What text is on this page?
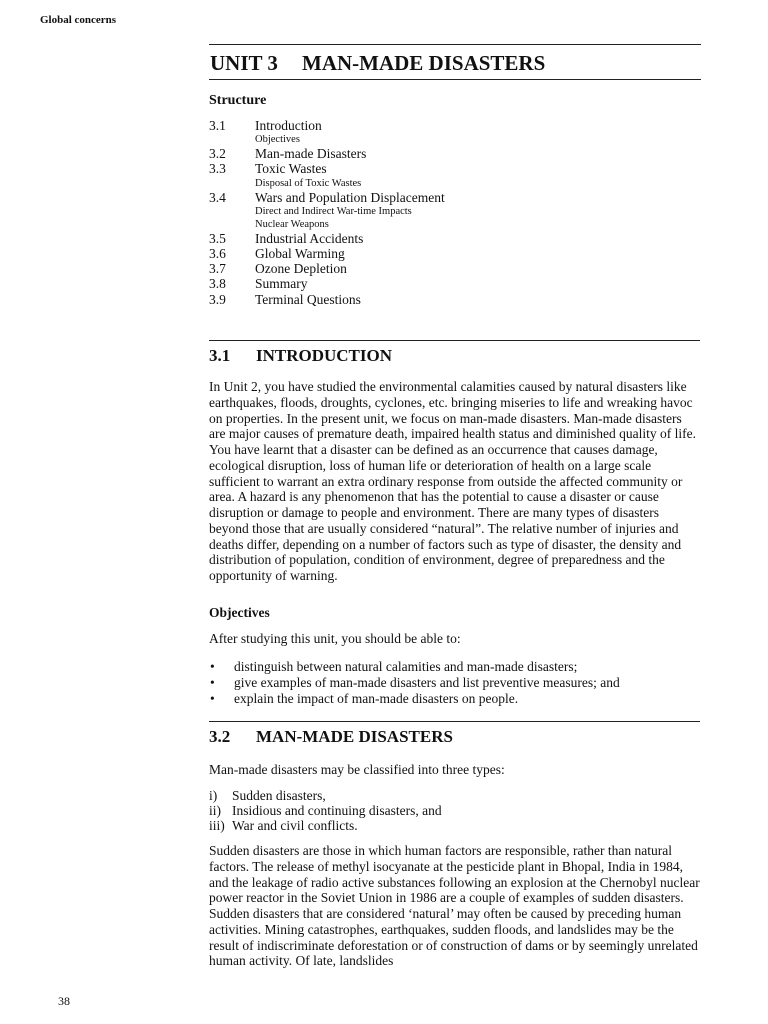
Global concerns
UNIT 3 MAN-MADE DISASTERS
Structure
3.1	Introduction
Objectives
3.2	Man-made Disasters
3.3	Toxic Wastes
Disposal of Toxic Wastes
3.4	Wars and Population Displacement
Direct and Indirect War-time Impacts
Nuclear Weapons
3.5	Industrial Accidents
3.6	Global Warming
3.7	Ozone Depletion
3.8	Summary
3.9	Terminal Questions
3.1 INTRODUCTION

In Unit 2, you have studied the environmental calamities caused by natural disasters like earthquakes, floods, droughts, cyclones, etc. bringing miseries to life and wreaking havoc on properties. In the present unit, we focus on man-made disasters. Man-made disasters are major causes of premature death, impaired health status and diminished quality of life. You have learnt that a disaster can be defined as an occurrence that causes damage, ecological disruption, loss of human life or deterioration of health on a large scale sufficient to warrant an extra ordinary response from outside the affected community or area. A hazard is any phenomenon that has the potential to cause a disaster or cause disruption or damage to people and environment. There are many types of disasters beyond those that are usually considered “natural”. The relative number of injuries and deaths differ, depending on a number of factors such as type of disaster, the density and distribution of population, condition of environment, degree of preparedness and the opportunity of warning.

Objectives
After studying this unit, you should be able to:
•	distinguish between natural calamities and man-made disasters;
•	give examples of man-made disasters and list preventive measures; and
•	explain the impact of man-made disasters on people.
3.2 MAN-MADE DISASTERS
Man-made disasters may be classified into three types:
i)	Sudden disasters,
ii) Insidious and continuing disasters, and
iii) War and civil conflicts.

Sudden disasters are those in which human factors are responsible, rather than natural factors. The release of methyl isocyanate at the pesticide plant in Bhopal, India in 1984, and the leakage of radio active substances following an explosion at the Chernobyl nuclear power reactor in the Soviet Union in 1986 are a couple of examples of sudden disasters. Sudden disasters that are considered ‘natural’ may often be caused by preceding human activities. Mining catastrophes, earthquakes, sudden floods, and landslides may be the result of indiscriminate deforestation or of construction of dams or by seemingly unrelated human activity. Of late, landslides

38
